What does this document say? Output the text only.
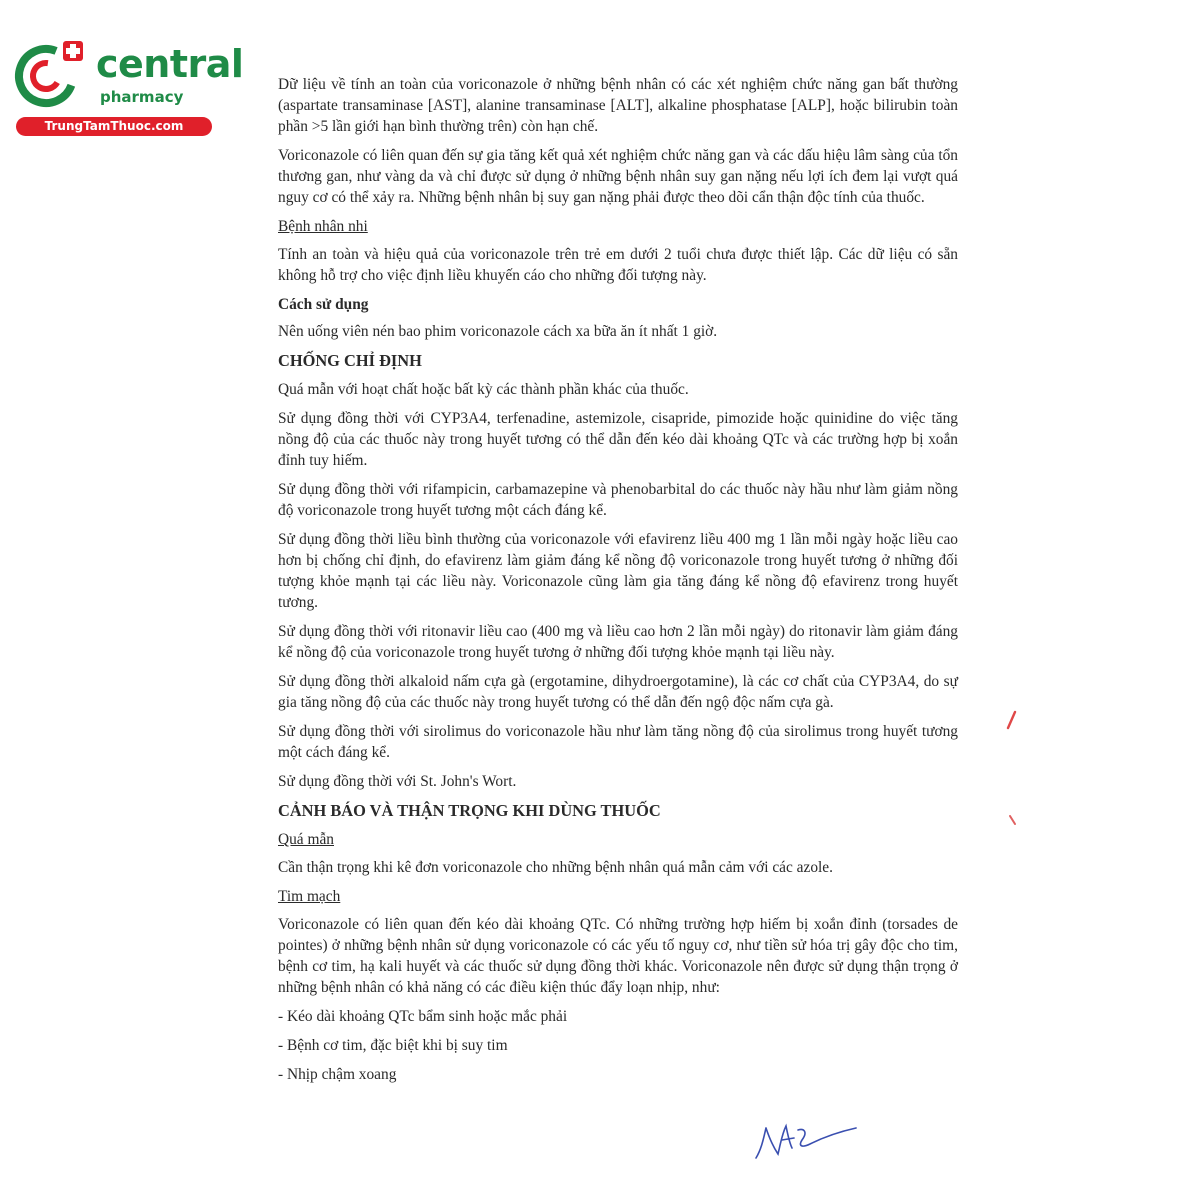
central
pharmacy
TrungTamThuoc.com

Dữ liệu về tính an toàn của voriconazole ở những bệnh nhân có các xét nghiệm chức năng gan bất thường (aspartate transaminase [AST], alanine transaminase [ALT], alkaline phosphatase [ALP], hoặc bilirubin toàn phần >5 lần giới hạn bình thường trên) còn hạn chế.

Voriconazole có liên quan đến sự gia tăng kết quả xét nghiệm chức năng gan và các dấu hiệu lâm sàng của tổn thương gan, như vàng da và chỉ được sử dụng ở những bệnh nhân suy gan nặng nếu lợi ích đem lại vượt quá nguy cơ có thể xảy ra. Những bệnh nhân bị suy gan nặng phải được theo dõi cẩn thận độc tính của thuốc.

Bệnh nhân nhi

Tính an toàn và hiệu quả của voriconazole trên trẻ em dưới 2 tuổi chưa được thiết lập. Các dữ liệu có sẵn không hỗ trợ cho việc định liều khuyến cáo cho những đối tượng này.

Cách sử dụng

Nên uống viên nén bao phim voriconazole cách xa bữa ăn ít nhất 1 giờ.

CHỐNG CHỈ ĐỊNH

Quá mẫn với hoạt chất hoặc bất kỳ các thành phần khác của thuốc.

Sử dụng đồng thời với CYP3A4, terfenadine, astemizole, cisapride, pimozide hoặc quinidine do việc tăng nồng độ của các thuốc này trong huyết tương có thể dẫn đến kéo dài khoảng QTc và các trường hợp bị xoắn đỉnh tuy hiếm.

Sử dụng đồng thời với rifampicin, carbamazepine và phenobarbital do các thuốc này hầu như làm giảm nồng độ voriconazole trong huyết tương một cách đáng kể.

Sử dụng đồng thời liều bình thường của voriconazole với efavirenz liều 400 mg 1 lần mỗi ngày hoặc liều cao hơn bị chống chỉ định, do efavirenz làm giảm đáng kể nồng độ voriconazole trong huyết tương ở những đối tượng khỏe mạnh tại các liều này. Voriconazole cũng làm gia tăng đáng kể nồng độ efavirenz trong huyết tương.

Sử dụng đồng thời với ritonavir liều cao (400 mg và liều cao hơn 2 lần mỗi ngày) do ritonavir làm giảm đáng kể nồng độ của voriconazole trong huyết tương ở những đối tượng khỏe mạnh tại liều này.

Sử dụng đồng thời alkaloid nấm cựa gà (ergotamine, dihydroergotamine), là các cơ chất của CYP3A4, do sự gia tăng nồng độ của các thuốc này trong huyết tương có thể dẫn đến ngộ độc nấm cựa gà.

Sử dụng đồng thời với sirolimus do voriconazole hầu như làm tăng nồng độ của sirolimus trong huyết tương một cách đáng kể.

Sử dụng đồng thời với St. John's Wort.

CẢNH BÁO VÀ THẬN TRỌNG KHI DÙNG THUỐC

Quá mẫn

Cần thận trọng khi kê đơn voriconazole cho những bệnh nhân quá mẫn cảm với các azole.

Tim mạch

Voriconazole có liên quan đến kéo dài khoảng QTc. Có những trường hợp hiếm bị xoắn đỉnh (torsades de pointes) ở những bệnh nhân sử dụng voriconazole có các yếu tố nguy cơ, như tiền sử hóa trị gây độc cho tim, bệnh cơ tim, hạ kali huyết và các thuốc sử dụng đồng thời khác. Voriconazole nên được sử dụng thận trọng ở những bệnh nhân có khả năng có các điều kiện thúc đẩy loạn nhịp, như:

- Kéo dài khoảng QTc bẩm sinh hoặc mắc phải

- Bệnh cơ tim, đặc biệt khi bị suy tim

- Nhịp chậm xoang
